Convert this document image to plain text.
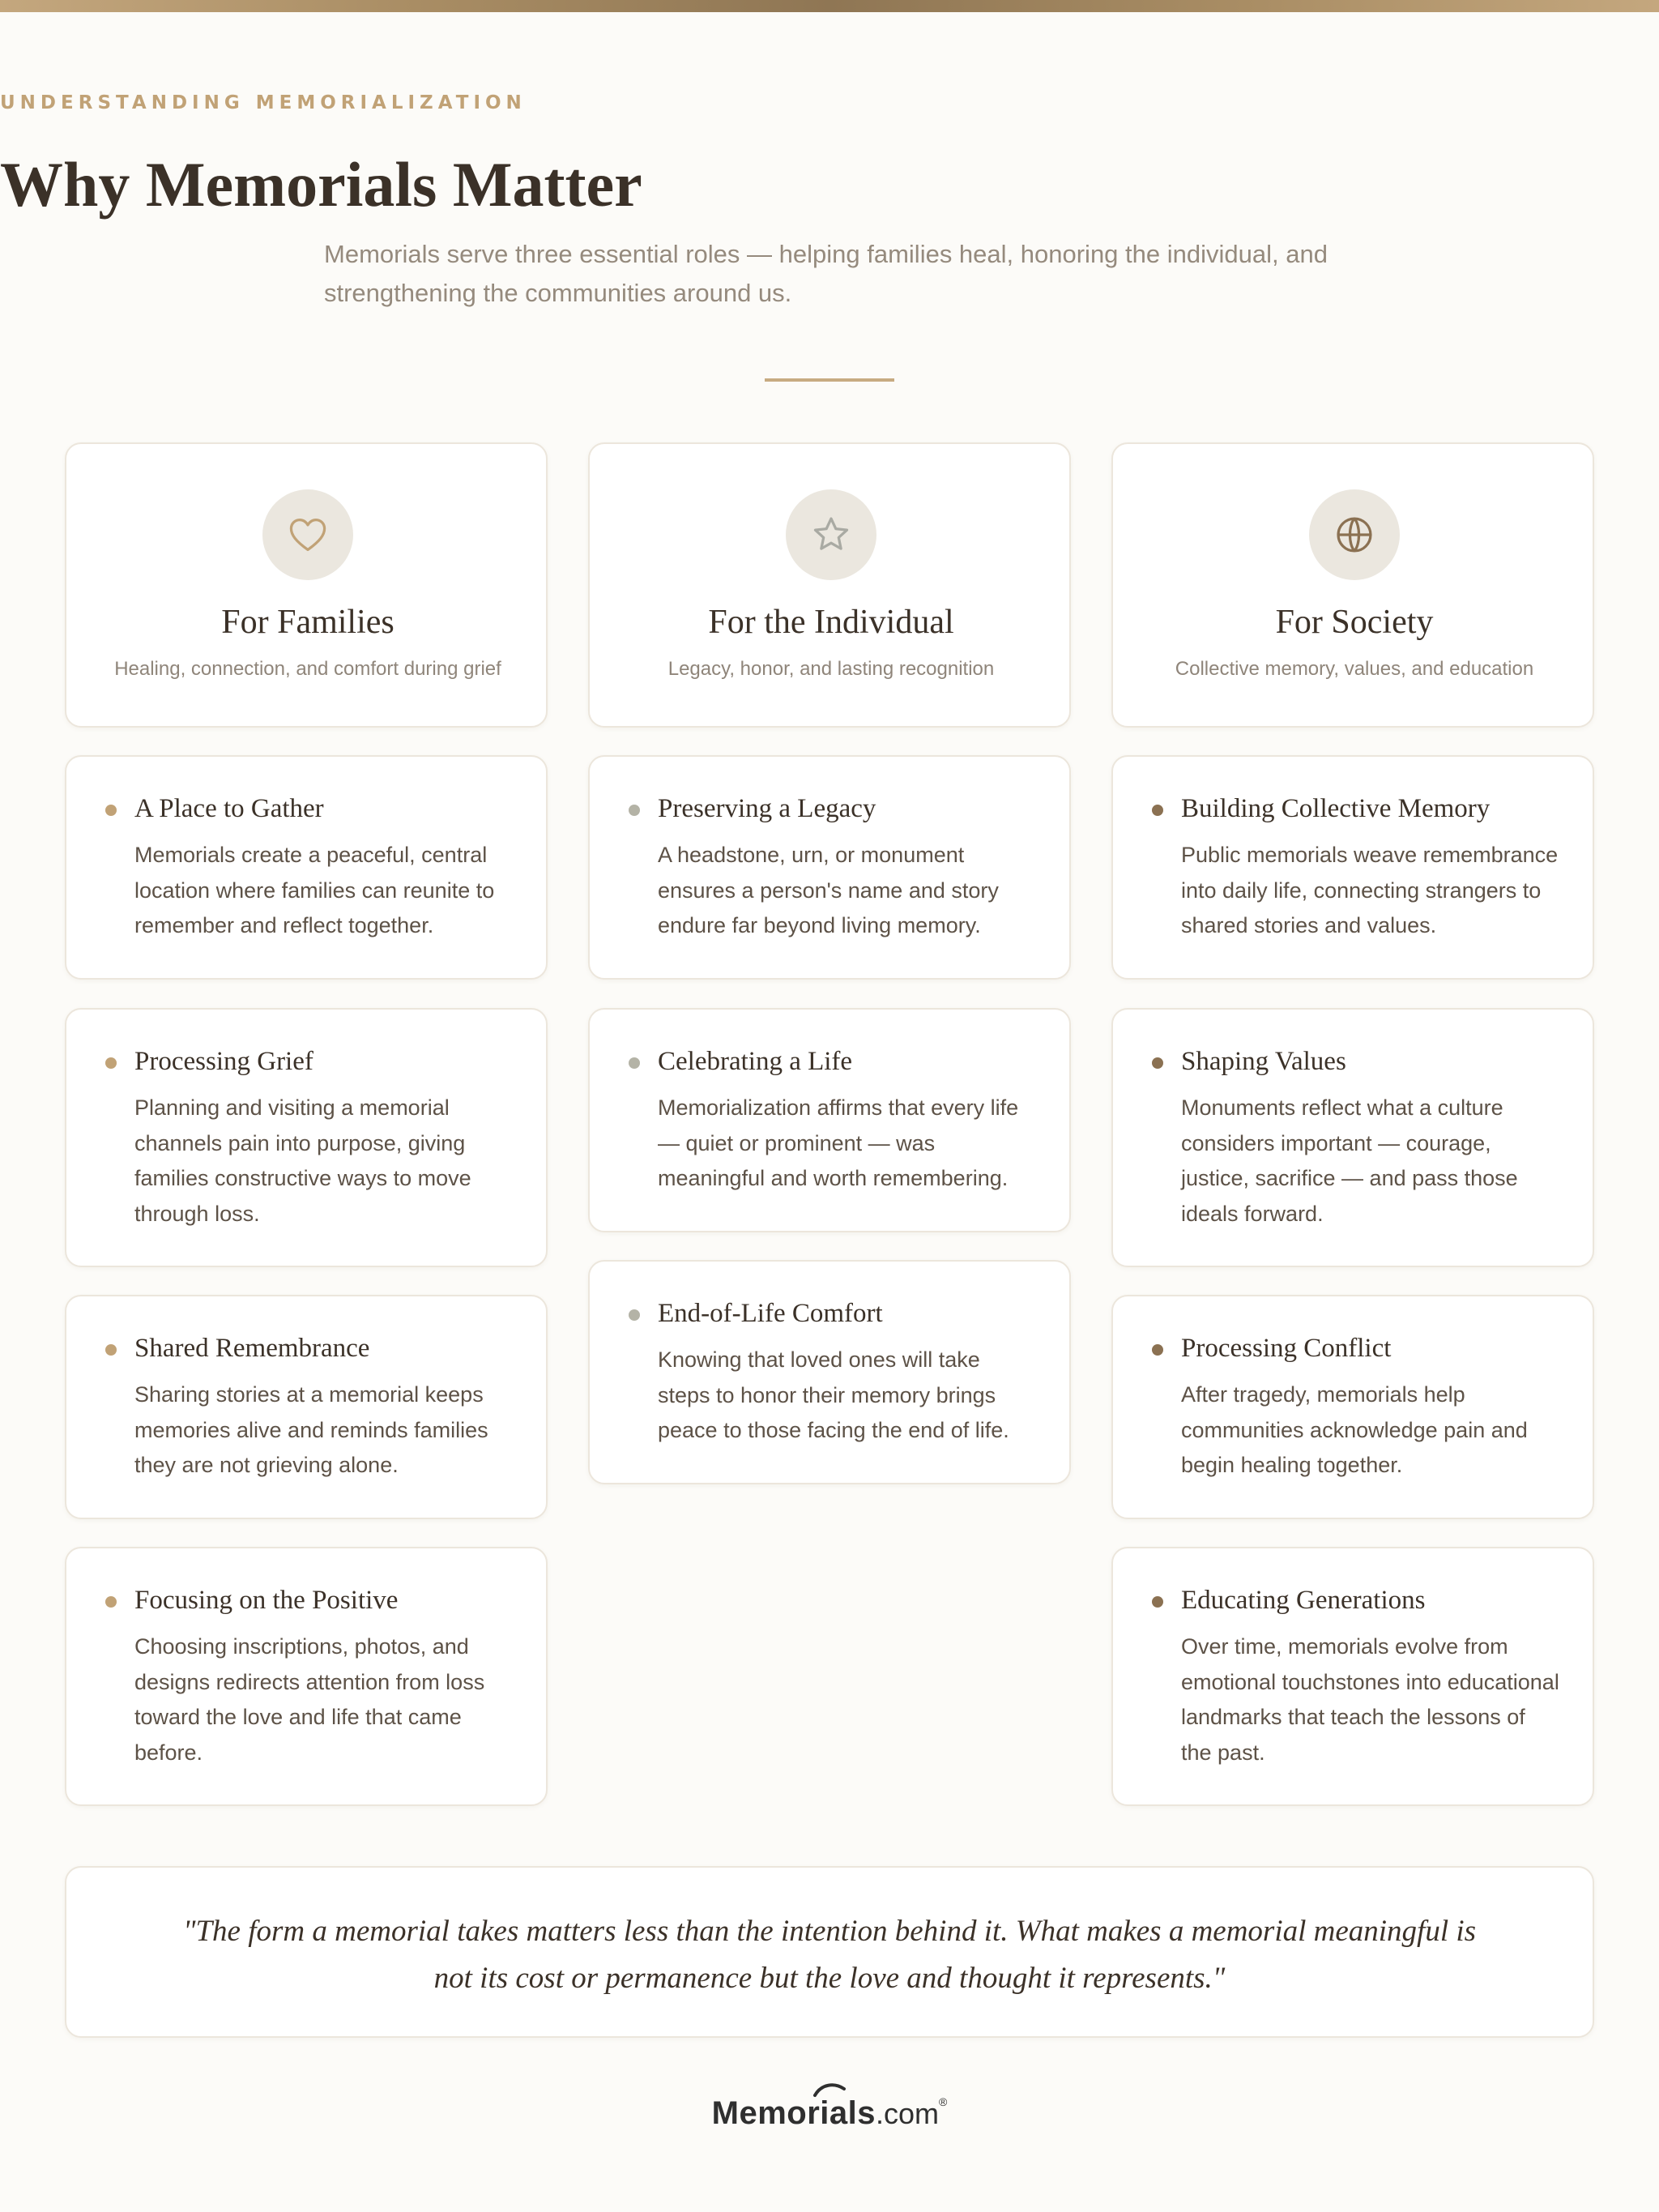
UNDERSTANDING MEMORIALIZATION
Why Memorials Matter
Memorials serve three essential roles — helping families heal, honoring the individual, and strengthening the communities around us.
For Families
Healing, connection, and comfort during grief
A Place to Gather
Memorials create a peaceful, central location where families can reunite to remember and reflect together.
Processing Grief
Planning and visiting a memorial channels pain into purpose, giving families constructive ways to move through loss.
Shared Remembrance
Sharing stories at a memorial keeps memories alive and reminds families they are not grieving alone.
Focusing on the Positive
Choosing inscriptions, photos, and designs redirects attention from loss toward the love and life that came before.
For the Individual
Legacy, honor, and lasting recognition
Preserving a Legacy
A headstone, urn, or monument ensures a person's name and story endure far beyond living memory.
Celebrating a Life
Memorialization affirms that every life — quiet or prominent — was meaningful and worth remembering.
End-of-Life Comfort
Knowing that loved ones will take steps to honor their memory brings peace to those facing the end of life.
For Society
Collective memory, values, and education
Building Collective Memory
Public memorials weave remembrance into daily life, connecting strangers to shared stories and values.
Shaping Values
Monuments reflect what a culture considers important — courage, justice, sacrifice — and pass those ideals forward.
Processing Conflict
After tragedy, memorials help communities acknowledge pain and begin healing together.
Educating Generations
Over time, memorials evolve from emotional touchstones into educational landmarks that teach the lessons of the past.
"The form a memorial takes matters less than the intention behind it. What makes a memorial meaningful is not its cost or permanence but the love and thought it represents."
Memorials.com®
